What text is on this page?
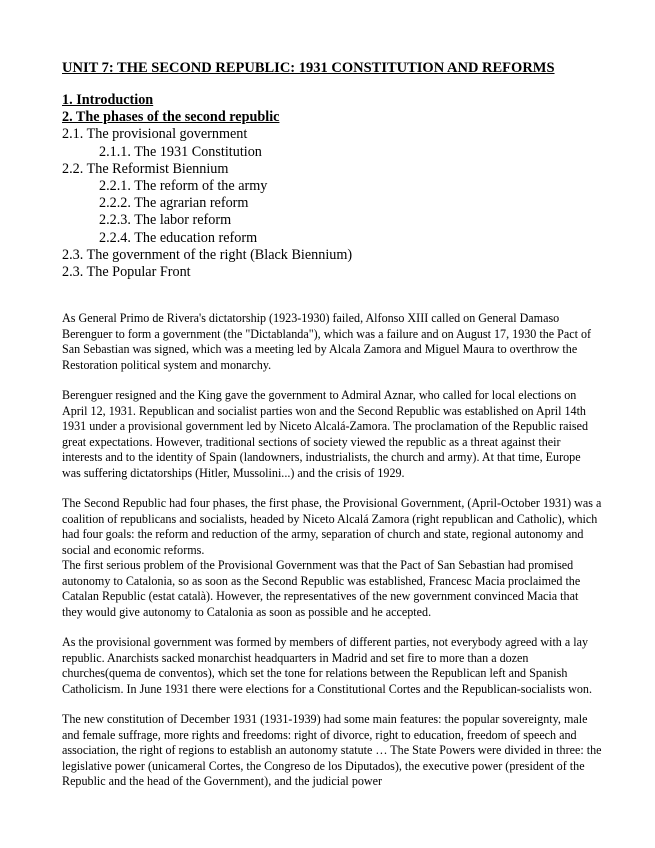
UNIT 7: THE SECOND REPUBLIC: 1931 CONSTITUTION AND REFORMS
1. Introduction
2. The phases of the second republic
2.1. The provisional government
2.1.1. The 1931 Constitution
2.2. The Reformist Biennium
2.2.1. The reform of the army
2.2.2. The agrarian reform
2.2.3. The labor reform
2.2.4. The education reform
2.3. The government of the right (Black Biennium)
2.3. The Popular Front

As General Primo de Rivera's dictatorship (1923-1930) failed, Alfonso XIII called on General Damaso Berenguer to form a government (the "Dictablanda"), which was a failure and on August 17, 1930 the Pact of San Sebastian was signed, which was a meeting led by Alcala Zamora and Miguel Maura to overthrow the Restoration political system and monarchy.

Berenguer resigned and the King gave the government to Admiral Aznar, who called for local elections on April 12, 1931. Republican and socialist parties won and the Second Republic was established on April 14th 1931 under a provisional government led by Niceto Alcalá-Zamora. The proclamation of the Republic raised great expectations. However, traditional sections of society viewed the republic as a threat against their interests and to the identity of Spain (landowners, industrialists, the church and army). At that time, Europe was suffering dictatorships (Hitler, Mussolini...) and the crisis of 1929.

The Second Republic had four phases, the first phase, the Provisional Government, (April-October 1931) was a coalition of republicans and socialists, headed by Niceto Alcalá Zamora (right republican and Catholic), which had four goals: the reform and reduction of the army, separation of church and state, regional autonomy and social and economic reforms.

The first serious problem of the Provisional Government was that the Pact of San Sebastian had promised autonomy to Catalonia, so as soon as the Second Republic was established, Francesc Macia proclaimed the Catalan Republic (estat català). However, the representatives of the new government convinced Macia that they would give autonomy to Catalonia as soon as possible and he accepted.

As the provisional government was formed by members of different parties, not everybody agreed with a lay republic. Anarchists sacked monarchist headquarters in Madrid and set fire to more than a dozen churches(quema de conventos), which set the tone for relations between the Republican left and Spanish Catholicism. In June 1931 there were elections for a Constitutional Cortes and the Republican-socialists won.

The new constitution of December 1931 (1931-1939) had some main features: the popular sovereignty, male and female suffrage, more rights and freedoms: right of divorce, right to education, freedom of speech and association, the right of regions to establish an autonomy statute … The State Powers were divided in three: the legislative power (unicameral Cortes, the Congreso de los Diputados), the executive power (president of the Republic and the head of the Government), and the judicial power
